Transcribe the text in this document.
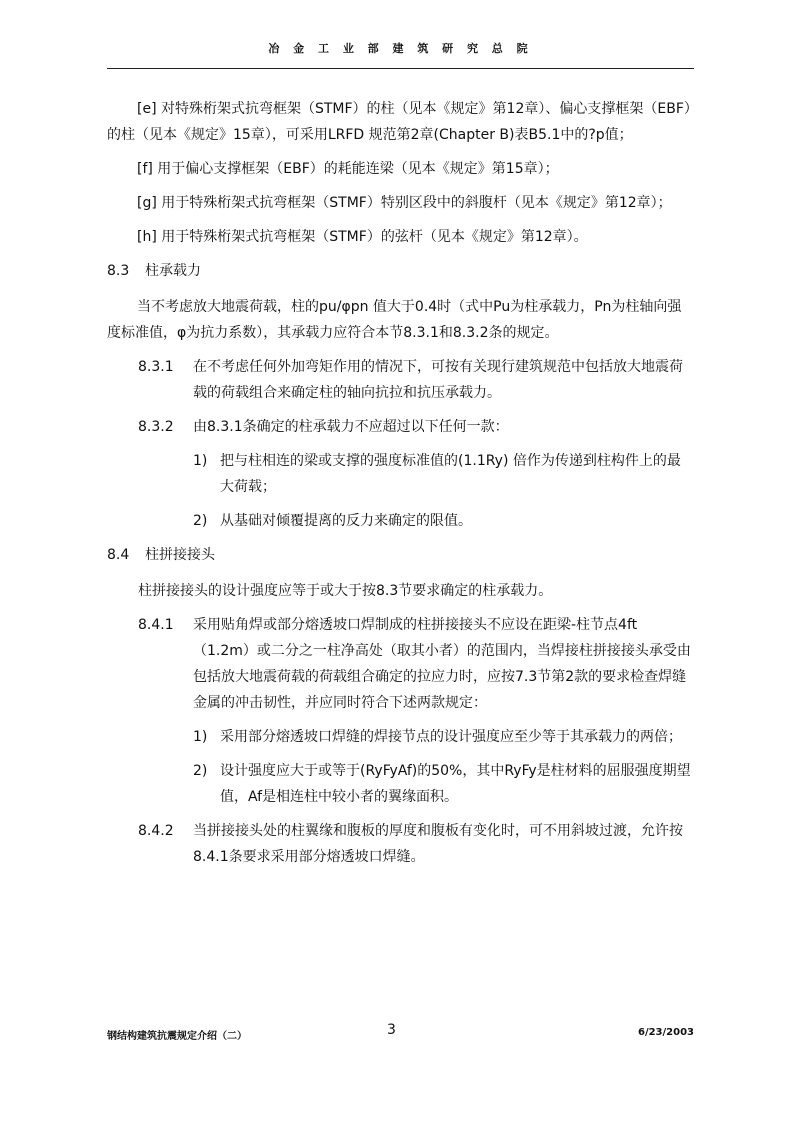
冶 金 工 业 部 建 筑 研 究 总 院

[e] 对特殊桁架式抗弯框架（STMF）的柱（见本《规定》第12章）、偏心支撑框架（EBF）的柱（见本《规定》15章），可采用LRFD 规范第2章(Chapter B)表B5.1中的?p值；

[f] 用于偏心支撑框架（EBF）的耗能连梁（见本《规定》第15章）；

[g] 用于特殊桁架式抗弯框架（STMF）特别区段中的斜腹杆（见本《规定》第12章）；

[h] 用于特殊桁架式抗弯框架（STMF）的弦杆（见本《规定》第12章）。

8.3 柱承载力

当不考虑放大地震荷载，柱的pu/φpn 值大于0.4时（式中Pu为柱承载力，Pn为柱轴向强度标准值，φ为抗力系数），其承载力应符合本节8.3.1和8.3.2条的规定。

8.3.1 在不考虑任何外加弯矩作用的情况下，可按有关现行建筑规范中包括放大地震荷载的荷载组合来确定柱的轴向抗拉和抗压承载力。
8.3.2 由8.3.1条确定的柱承载力不应超过以下任何一款：
1) 把与柱相连的梁或支撑的强度标准值的(1.1Ry) 倍作为传递到柱构件上的最大荷载；
2) 从基础对倾覆提离的反力来确定的限值。
8.4 柱拼接接头

柱拼接接头的设计强度应等于或大于按8.3节要求确定的柱承载力。

8.4.1 采用贴角焊或部分熔透坡口焊制成的柱拼接接头不应设在距梁-柱节点4ft（1.2m）或二分之一柱净高处（取其小者）的范围内，当焊接柱拼接接头承受由包括放大地震荷载的荷载组合确定的拉应力时，应按7.3节第2款的要求检查焊缝金属的冲击韧性，并应同时符合下述两款规定：
1) 采用部分熔透坡口焊缝的焊接节点的设计强度应至少等于其承载力的两倍；
2) 设计强度应大于或等于(RyFyAf)的50%，其中RyFy是柱材料的屈服强度期望值，Af是相连柱中较小者的翼缘面积。
8.4.2 当拼接接头处的柱翼缘和腹板的厚度和腹板有变化时，可不用斜坡过渡，允许按8.4.1条要求采用部分熔透坡口焊缝。
钢结构建筑抗震规定介绍（二）	3	6/23/2003
